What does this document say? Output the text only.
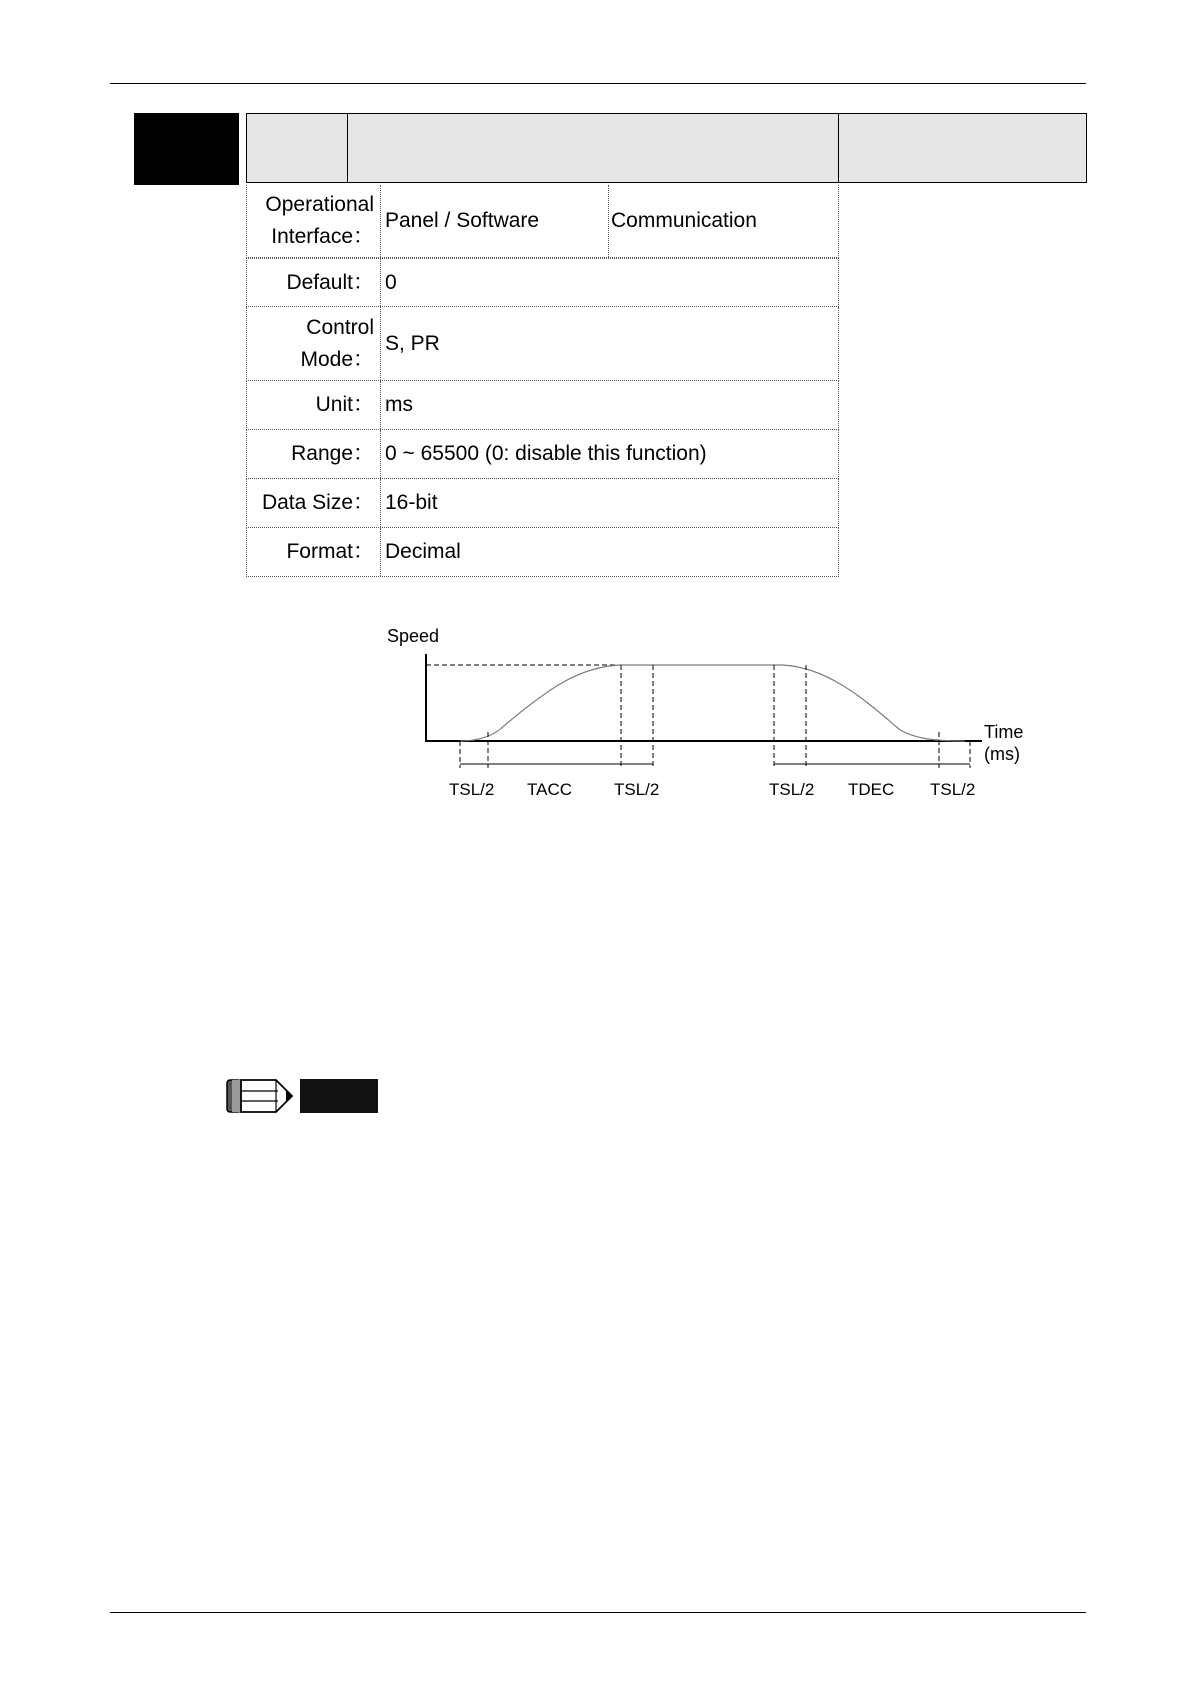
Operational
Interface：
Panel / Software	Communication
Default： 0
Control
Mode：
S, PR
Unit： ms
Range： 0 ~ 65500 (0: disable this function)
Data Size： 16-bit
Format： Decimal
Speed
Time
(ms)
TSL/2 TACC TSL/2	TSL/2 TDEC TSL/2
